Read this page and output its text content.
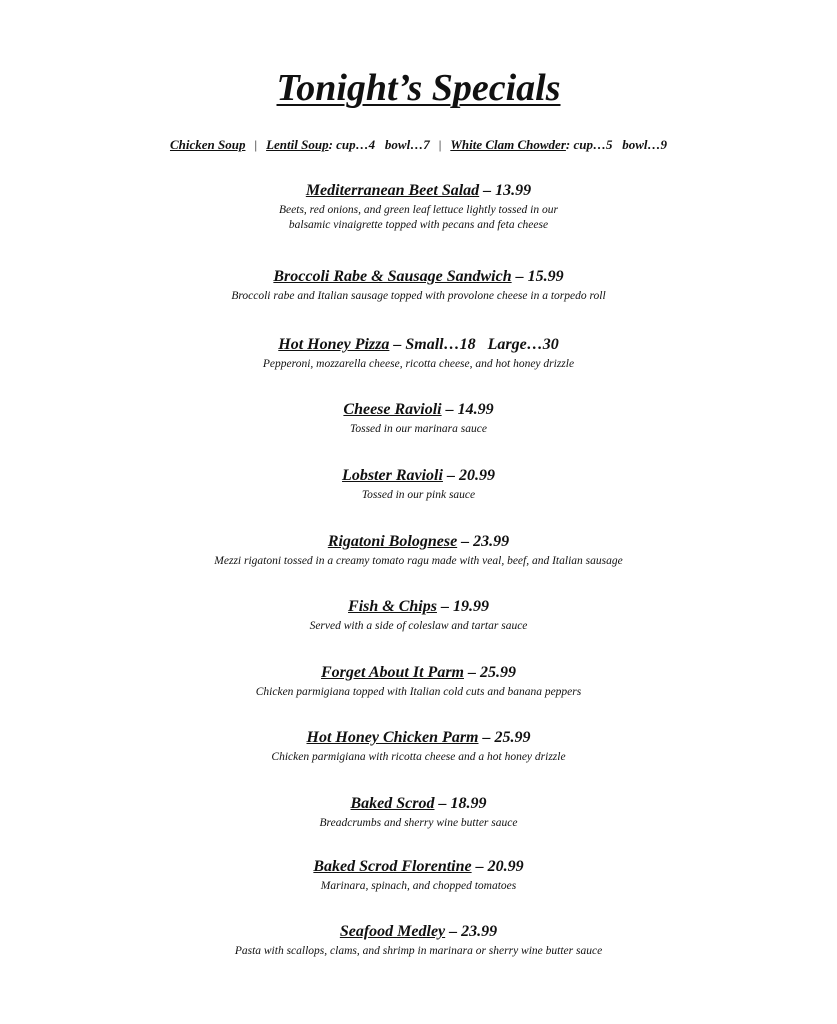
Tonight’s Specials
Chicken Soup | Lentil Soup: cup…4   bowl…7 | White Clam Chowder: cup…5   bowl…9
Mediterranean Beet Salad – 13.99
Beets, red onions, and green leaf lettuce lightly tossed in our
balsamic vinaigrette topped with pecans and feta cheese
Broccoli Rabe & Sausage Sandwich – 15.99
Broccoli rabe and Italian sausage topped with provolone cheese in a torpedo roll
Hot Honey Pizza – Small…18   Large…30
Pepperoni, mozzarella cheese, ricotta cheese, and hot honey drizzle
Cheese Ravioli – 14.99
Tossed in our marinara sauce
Lobster Ravioli – 20.99
Tossed in our pink sauce
Rigatoni Bolognese – 23.99
Mezzi rigatoni tossed in a creamy tomato ragu made with veal, beef, and Italian sausage
Fish & Chips – 19.99
Served with a side of coleslaw and tartar sauce
Forget About It Parm – 25.99
Chicken parmigiana topped with Italian cold cuts and banana peppers
Hot Honey Chicken Parm – 25.99
Chicken parmigiana with ricotta cheese and a hot honey drizzle
Baked Scrod – 18.99
Breadcrumbs and sherry wine butter sauce
Baked Scrod Florentine – 20.99
Marinara, spinach, and chopped tomatoes
Seafood Medley – 23.99
Pasta with scallops, clams, and shrimp in marinara or sherry wine butter sauce
